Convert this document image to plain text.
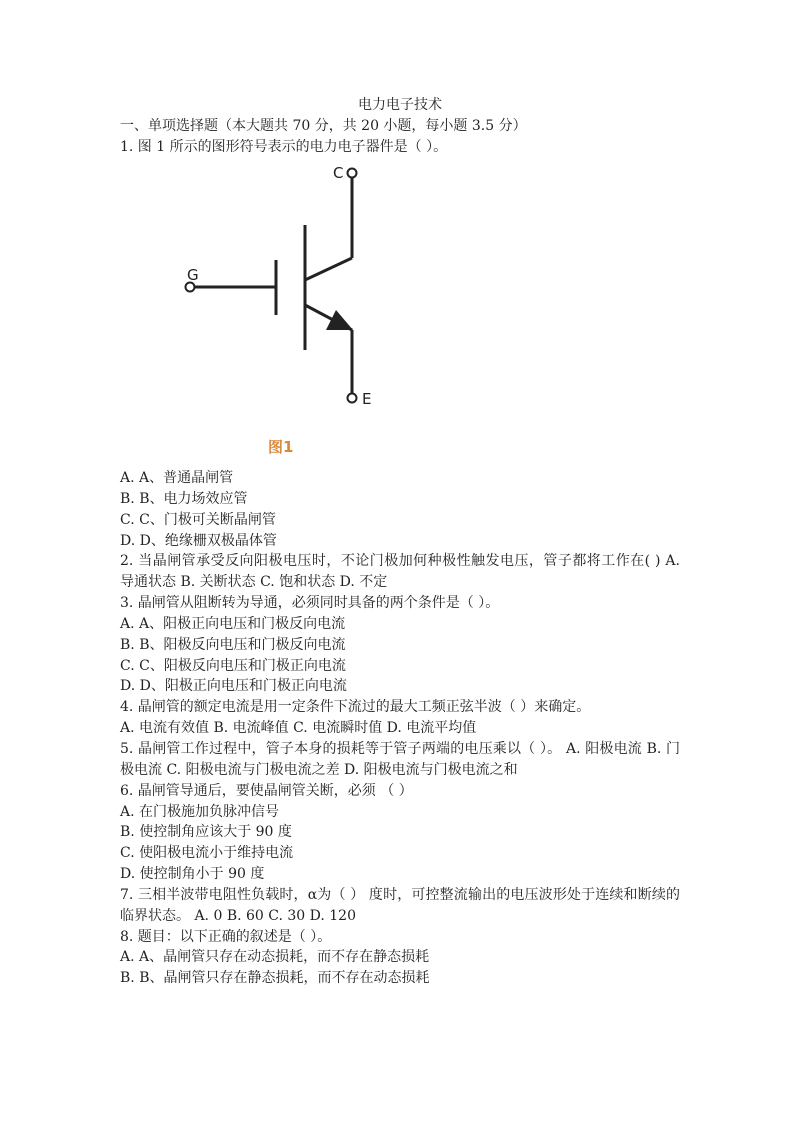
电力电子技术
一、单项选择题（本大题共 70 分，共 20 小题，每小题 3.5 分）
1. 图 1 所示的图形符号表示的电力电子器件是（ ）。
C
G
E
图1
A. A、普通晶闸管
B. B、电力场效应管
C. C、门极可关断晶闸管
D. D、绝缘栅双极晶体管
2. 当晶闸管承受反向阳极电压时，不论门极加何种极性触发电压，管子都将工作在( ) A. 导通状态 B. 关断状态 C. 饱和状态 D. 不定
3. 晶闸管从阻断转为导通，必须同时具备的两个条件是（ ）。
A. A、阳极正向电压和门极反向电流
B. B、阳极反向电压和门极反向电流
C. C、阳极反向电压和门极正向电流
D. D、阳极正向电压和门极正向电流
4. 晶闸管的额定电流是用一定条件下流过的最大工频正弦半波（ ）来确定。
A. 电流有效值 B. 电流峰值 C. 电流瞬时值 D. 电流平均值
5. 晶闸管工作过程中，管子本身的损耗等于管子两端的电压乘以（ ）。 A. 阳极电流 B. 门极电流 C. 阳极电流与门极电流之差 D. 阳极电流与门极电流之和
6. 晶闸管导通后，要使晶闸管关断，必须 （ ）
A. 在门极施加负脉冲信号
B. 使控制角应该大于 90 度
C. 使阳极电流小于维持电流
D. 使控制角小于 90 度
7. 三相半波带电阻性负载时，α为（ ） 度时，可控整流输出的电压波形处于连续和断续的临界状态。 A. 0 B. 60 C. 30 D. 120
8. 题目：以下正确的叙述是（ ）。
A. A、晶闸管只存在动态损耗，而不存在静态损耗
B. B、晶闸管只存在静态损耗，而不存在动态损耗
